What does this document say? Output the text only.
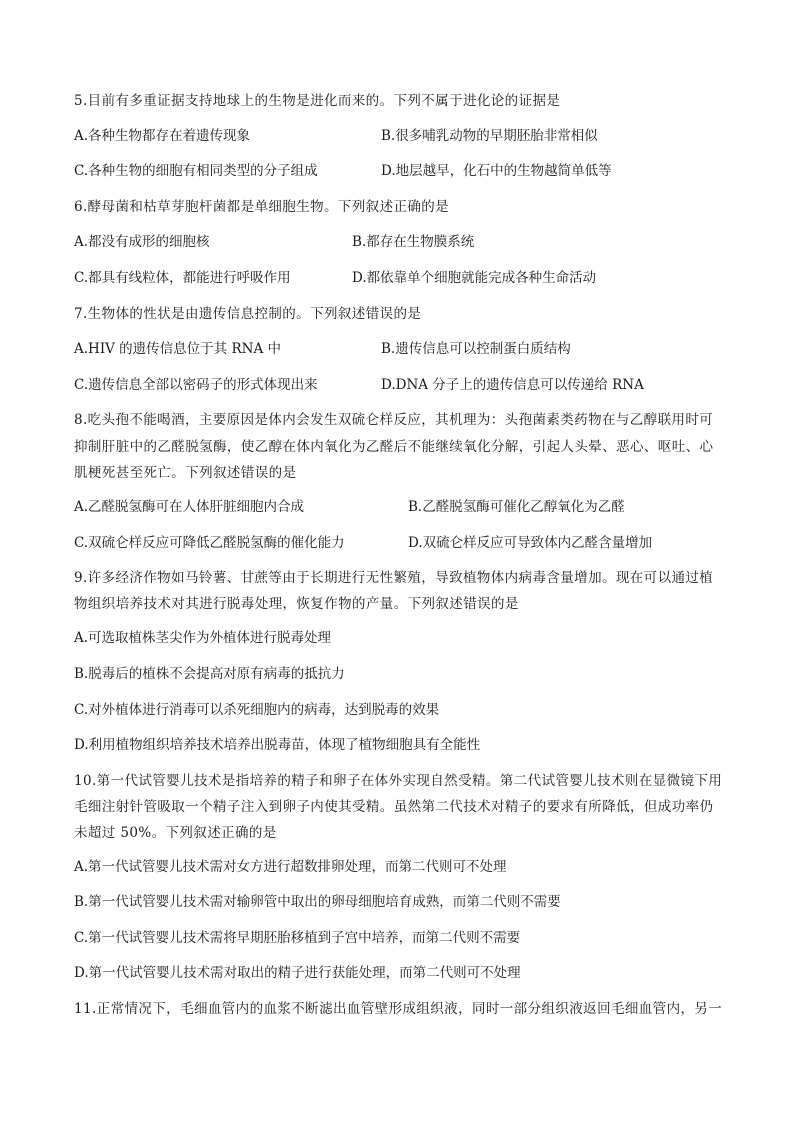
5.目前有多重证据支持地球上的生物是进化而来的。下列不属于进化论的证据是
A.各种生物都存在着遗传现象	B.很多哺乳动物的早期胚胎非常相似
C.各种生物的细胞有相同类型的分子组成	D.地层越早，化石中的生物越简单低等
6.酵母菌和枯草芽胞杆菌都是单细胞生物。下列叙述正确的是
A.都没有成形的细胞核	B.都存在生物膜系统
C.都具有线粒体，都能进行呼吸作用	D.都依靠单个细胞就能完成各种生命活动
7.生物体的性状是由遗传信息控制的。下列叙述错误的是
A.HIV 的遗传信息位于其 RNA 中	B.遗传信息可以控制蛋白质结构
C.遗传信息全部以密码子的形式体现出来	D.DNA 分子上的遗传信息可以传递给 RNA
8.吃头孢不能喝酒，主要原因是体内会发生双硫仑样反应，其机理为：头孢菌素类药物在与乙醇联用时可
抑制肝脏中的乙醛脱氢酶，使乙醇在体内氧化为乙醛后不能继续氧化分解，引起人头晕、恶心、呕吐、心
肌梗死甚至死亡。下列叙述错误的是
A.乙醛脱氢酶可在人体肝脏细胞内合成	B.乙醛脱氢酶可催化乙醇氧化为乙醛
C.双硫仑样反应可降低乙醛脱氢酶的催化能力	D.双硫仑样反应可导致体内乙醛含量增加
9.许多经济作物如马铃薯、甘蔗等由于长期进行无性繁殖，导致植物体内病毒含量增加。现在可以通过植
物组织培养技术对其进行脱毒处理，恢复作物的产量。下列叙述错误的是
A.可选取植株茎尖作为外植体进行脱毒处理
B.脱毒后的植株不会提高对原有病毒的抵抗力
C.对外植体进行消毒可以杀死细胞内的病毒，达到脱毒的效果
D.利用植物组织培养技术培养出脱毒苗，体现了植物细胞具有全能性
10.第一代试管婴儿技术是指培养的精子和卵子在体外实现自然受精。第二代试管婴儿技术则在显微镜下用
毛细注射针管吸取一个精子注入到卵子内使其受精。虽然第二代技术对精子的要求有所降低，但成功率仍
未超过 50%。下列叙述正确的是
A.第一代试管婴儿技术需对女方进行超数排卵处理，而第二代则可不处理
B.第一代试管婴儿技术需对输卵管中取出的卵母细胞培育成熟，而第二代则不需要
C.第一代试管婴儿技术需将早期胚胎移植到子宫中培养，而第二代则不需要
D.第一代试管婴儿技术需对取出的精子进行获能处理，而第二代则可不处理
11.正常情况下，毛细血管内的血浆不断滤出血管壁形成组织液，同时一部分组织液返回毛细血管内，另一
